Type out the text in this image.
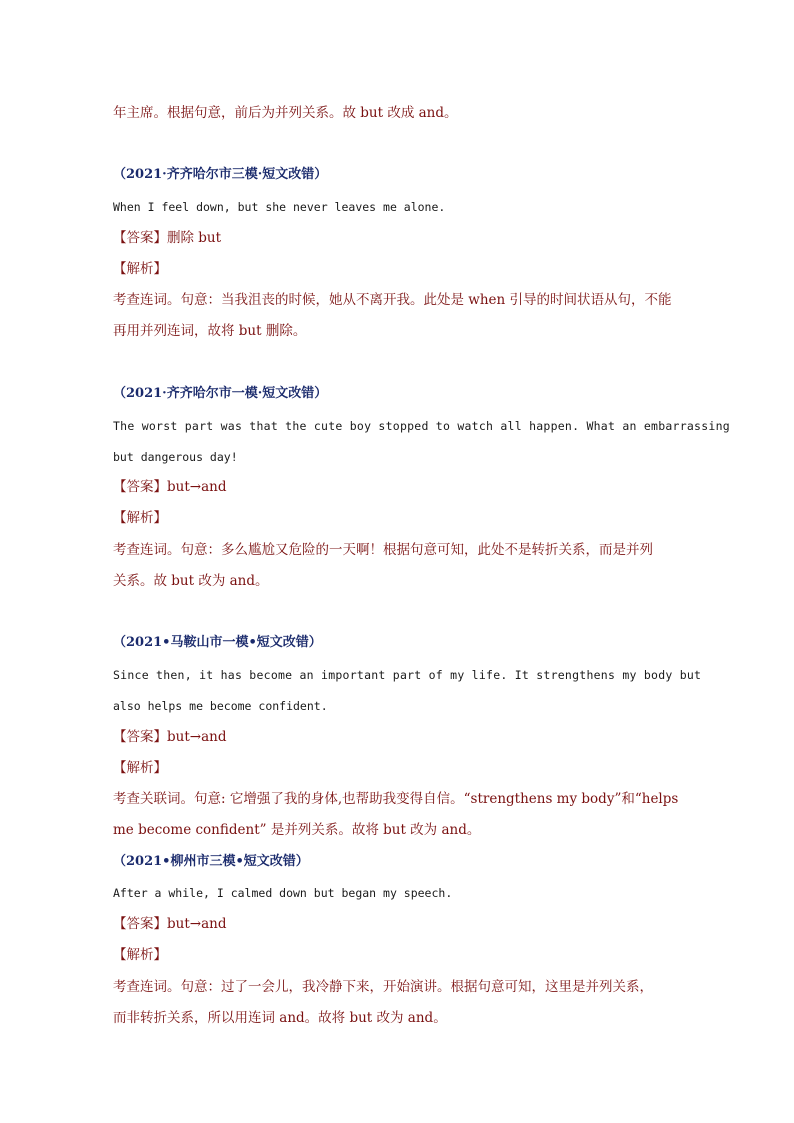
年主席。根据句意，前后为并列关系。故 but 改成 and。
（2021·齐齐哈尔市三模·短文改错）
When I feel down, but she never leaves me alone.
【答案】删除 but
【解析】
考查连词。句意：当我沮丧的时候，她从不离开我。此处是 when 引导的时间状语从句，不能
再用并列连词，故将 but 删除。
（2021·齐齐哈尔市一模·短文改错）
The worst part was that the cute boy stopped to watch all happen. What an embarrassing
but dangerous day!
【答案】but→and
【解析】
考查连词。句意：多么尴尬又危险的一天啊！根据句意可知，此处不是转折关系，而是并列
关系。故 but 改为 and。
（2021•马鞍山市一模•短文改错）
Since then, it has become an important part of my life. It strengthens my body but
also helps me become confident.
【答案】but→and
【解析】
考查关联词。句意: 它增强了我的身体,也帮助我变得自信。“strengthens my body”和“helps
me become confident” 是并列关系。故将 but 改为 and。
（2021•柳州市三模•短文改错）
After a while, I calmed down but began my speech.
【答案】but→and
【解析】
考查连词。句意：过了一会儿，我冷静下来，开始演讲。根据句意可知，这里是并列关系，
而非转折关系，所以用连词 and。故将 but 改为 and。
